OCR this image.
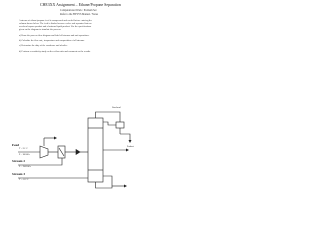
CHE3XX Assignment – Ethane/Propane Separation
Computational Work / Problem Set
Refer to the HYSYS Manual / Notes
A stream of ethane/propane feed is compressed and cooled before entering the
column shown below. The feed is flashed across a valve and separated into an
overhead vapour product and a bottoms liquid product. Use the specifications
given on the diagram to simulate the process.
a) Draw the process flow diagram and label all streams and unit operations.
b) Calculate the flow rate, temperature and composition of all streams.
c) Determine the duty of the condenser and reboiler.
d) Perform a sensitivity study on the reflux ratio and comment on the results.
Feed
T = 25 °C
P = 100 kPa
Stream 2
P = 1500 kPa
Stream 3
T = -10 °C
Overhead
Product
